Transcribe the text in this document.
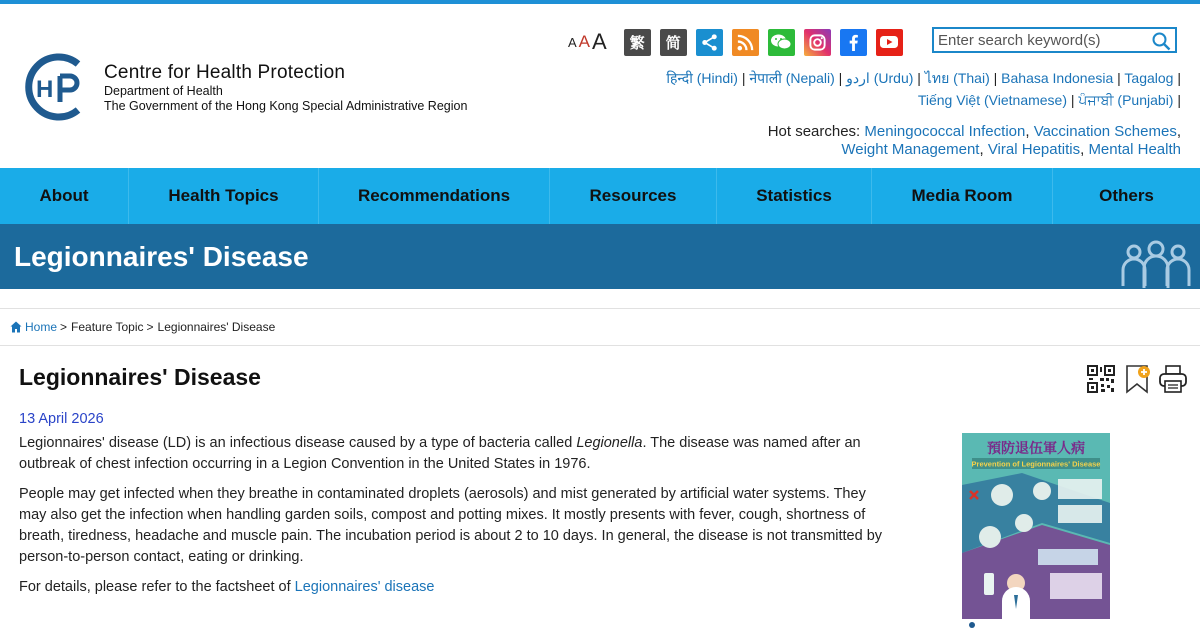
H
Centre for Health Protection
Department of Health
The Government of the Hong Kong Special Administrative Region
A A A	繁	简
Enter search keyword(s)
हिन्दी (Hindi) | नेपाली (Nepali) | اردو (Urdu) | ไทย (Thai) | Bahasa Indonesia | Tagalog |
Tiếng Việt (Vietnamese) | ਪੰਜਾਬੀ (Punjabi) |
Hot searches: Meningococcal Infection, Vaccination Schemes,
Weight Management, Viral Hepatitis, Mental Health
About	Health Topics	Recommendations	Resources	Statistics	Media Room	Others
Legionnaires' Disease
Home > Feature Topic > Legionnaires' Disease
Legionnaires' Disease
13 April 2026

Legionnaires' disease (LD) is an infectious disease caused by a type of bacteria called Legionella. The disease was named after an outbreak of chest infection occurring in a Legion Convention in the United States in 1976.

People may get infected when they breathe in contaminated droplets (aerosols) and mist generated by artificial water systems. They may also get the infection when handling garden soils, compost and potting mixes. It mostly presents with fever, cough, shortness of breath, tiredness, headache and muscle pain. The incubation period is about 2 to 10 days. In general, the disease is not transmitted by person-to-person contact, eating or drinking.

For details, please refer to the factsheet of Legionnaires' disease

預防退伍軍人病
Prevention of Legionnaires' Disease
